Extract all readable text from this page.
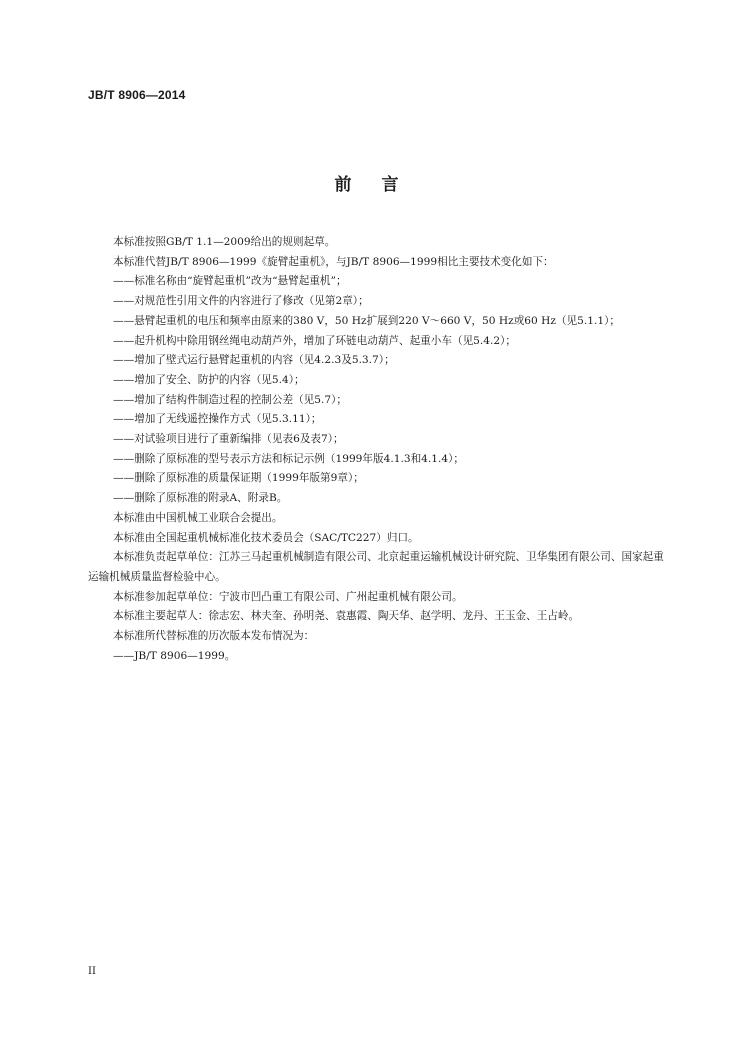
JB/T 8906—2014
前言

本标准按照GB/T 1.1—2009给出的规则起草。

本标准代替JB/T 8906—1999《旋臂起重机》，与JB/T 8906—1999相比主要技术变化如下：

——标准名称由“旋臂起重机”改为“悬臂起重机”；

——对规范性引用文件的内容进行了修改（见第2章）；

——悬臂起重机的电压和频率由原来的380 V，50 Hz扩展到220 V～660 V，50 Hz或60 Hz（见5.1.1）；

——起升机构中除用钢丝绳电动葫芦外，增加了环链电动葫芦、起重小车（见5.4.2）；

——增加了壁式运行悬臂起重机的内容（见4.2.3及5.3.7）；

——增加了安全、防护的内容（见5.4）；

——增加了结构件制造过程的控制公差（见5.7）；

——增加了无线遥控操作方式（见5.3.11）；

——对试验项目进行了重新编排（见表6及表7）；

——删除了原标准的型号表示方法和标记示例（1999年版4.1.3和4.1.4）；

——删除了原标准的质量保证期（1999年版第9章）；

——删除了原标准的附录A、附录B。

本标准由中国机械工业联合会提出。

本标准由全国起重机械标准化技术委员会（SAC/TC227）归口。

本标准负责起草单位：江苏三马起重机械制造有限公司、北京起重运输机械设计研究院、卫华集团有限公司、国家起重运输机械质量监督检验中心。

本标准参加起草单位：宁波市凹凸重工有限公司、广州起重机械有限公司。

本标准主要起草人：徐志宏、林夫奎、孙明尧、袁惠霞、陶天华、赵学明、龙丹、王玉金、王占岭。

本标准所代替标准的历次版本发布情况为：

——JB/T 8906—1999。

II
